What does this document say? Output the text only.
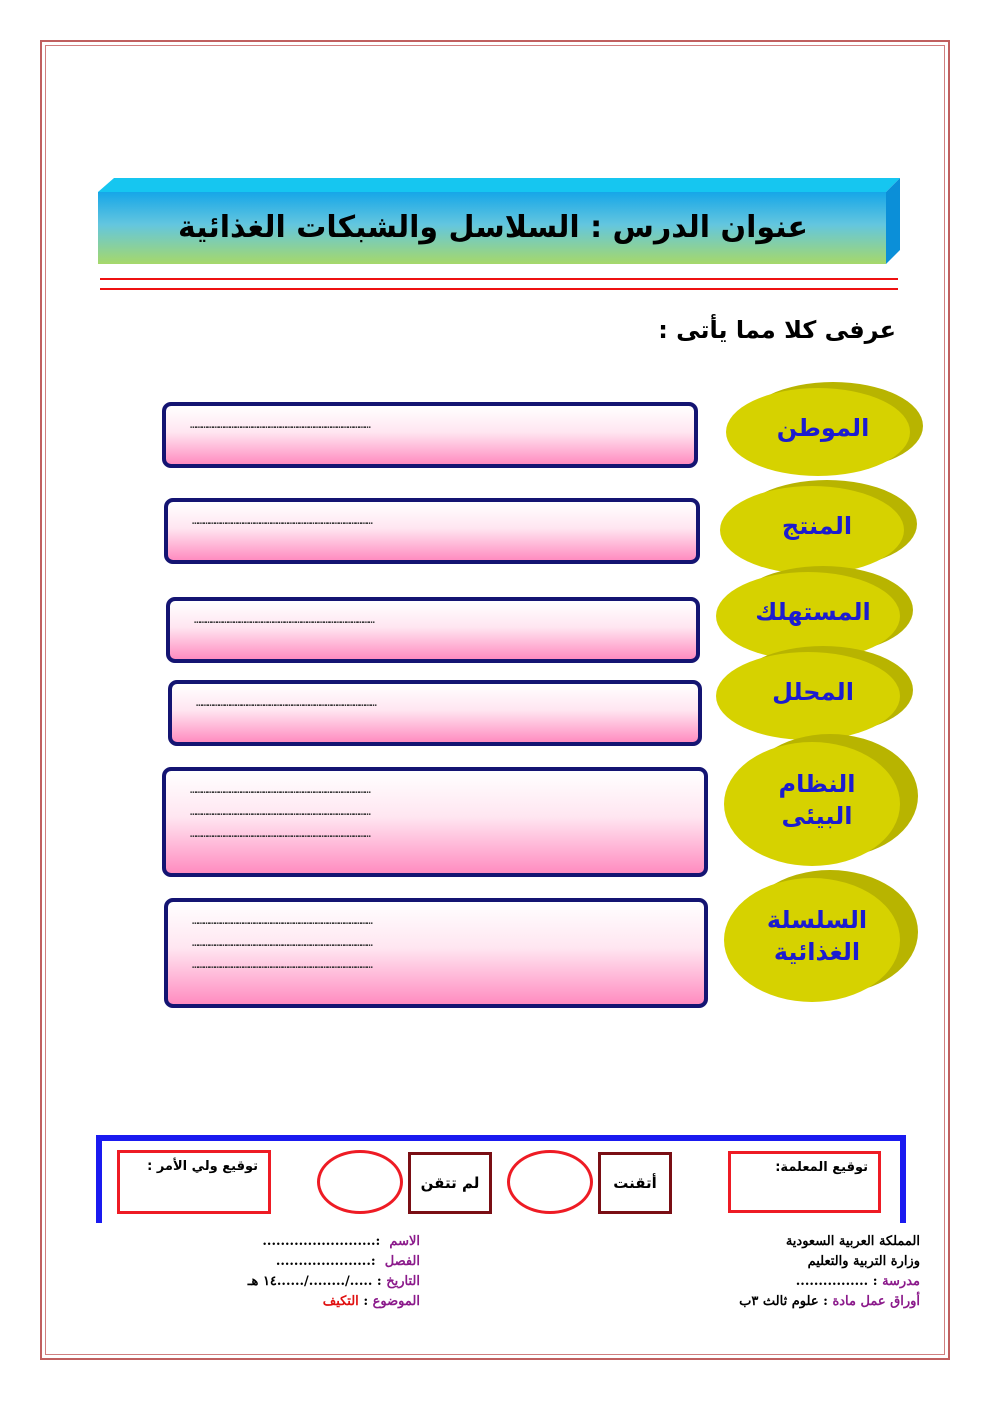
عنوان الدرس : السلاسل والشبكات الغذائية
عرفى كلا مما يأتى :
……………………………………………………………………………………
……………………………………………………………………………………
……………………………………………………………………………………
……………………………………………………………………………………
……………………………………………………………………………………
……………………………………………………………………………………
……………………………………………………………………………………
……………………………………………………………………………………
……………………………………………………………………………………
……………………………………………………………………………………
الموطن
المنتج
المستهلك
المحلل
النظام
البيئى
السلسلة
الغذائية
توقيع المعلمة:
أتقنت
لم تتقن
توقيع ولي الأمر :
المملكة العربية السعودية
وزارة التربية والتعليم
مدرسة : ................
أوراق عمل مادة : علوم ثالث ٣ب
الاسم  :.........................
الفصل  :.....................
التاريخ : ...../......../......١٤ هـ
الموضوع : التكيف
